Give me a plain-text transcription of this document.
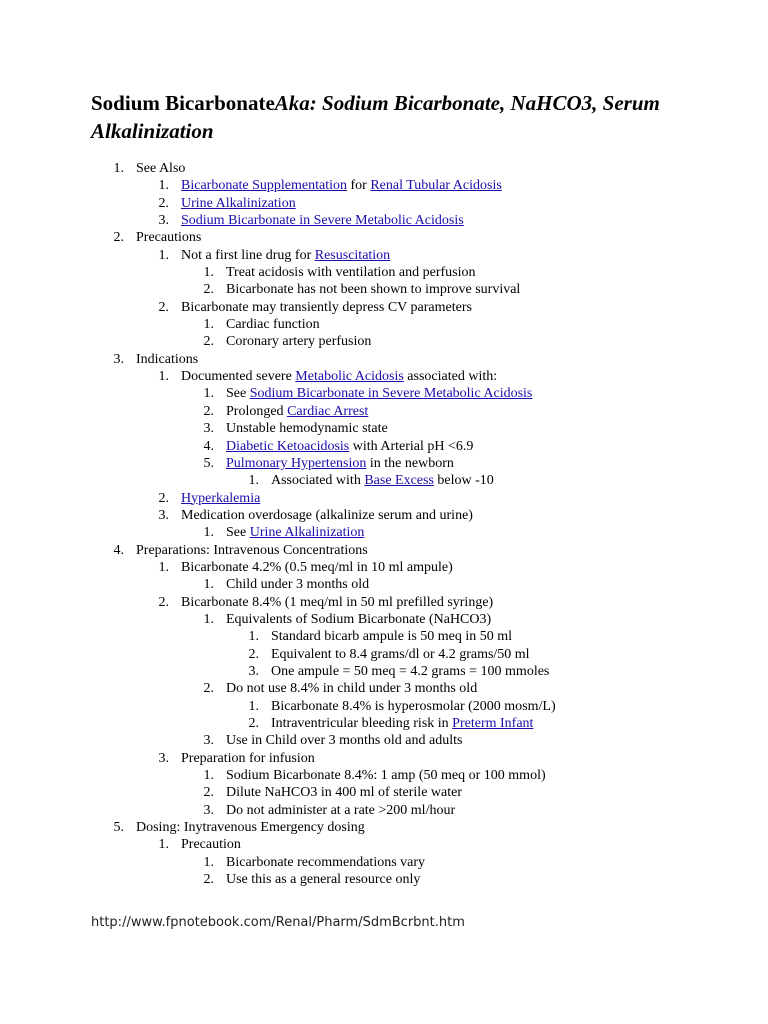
Sodium BicarbonateAka: Sodium Bicarbonate, NaHCO3, Serum Alkalinization
1. See Also
1. Bicarbonate Supplementation for Renal Tubular Acidosis
2. Urine Alkalinization
3. Sodium Bicarbonate in Severe Metabolic Acidosis
2. Precautions
1. Not a first line drug for Resuscitation
1. Treat acidosis with ventilation and perfusion
2. Bicarbonate has not been shown to improve survival
2. Bicarbonate may transiently depress CV parameters
1. Cardiac function
2. Coronary artery perfusion
3. Indications
1. Documented severe Metabolic Acidosis associated with:
1. See Sodium Bicarbonate in Severe Metabolic Acidosis
2. Prolonged Cardiac Arrest
3. Unstable hemodynamic state
4. Diabetic Ketoacidosis with Arterial pH <6.9
5. Pulmonary Hypertension in the newborn
1. Associated with Base Excess below -10
2. Hyperkalemia
3. Medication overdosage (alkalinize serum and urine)
1. See Urine Alkalinization
4. Preparations: Intravenous Concentrations
1. Bicarbonate 4.2% (0.5 meq/ml in 10 ml ampule)
1. Child under 3 months old
2. Bicarbonate 8.4% (1 meq/ml in 50 ml prefilled syringe)
1. Equivalents of Sodium Bicarbonate (NaHCO3)
1. Standard bicarb ampule is 50 meq in 50 ml
2. Equivalent to 8.4 grams/dl or 4.2 grams/50 ml
3. One ampule = 50 meq = 4.2 grams = 100 mmoles
2. Do not use 8.4% in child under 3 months old
1. Bicarbonate 8.4% is hyperosmolar (2000 mosm/L)
2. Intraventricular bleeding risk in Preterm Infant
3. Use in Child over 3 months old and adults
3. Preparation for infusion
1. Sodium Bicarbonate 8.4%: 1 amp (50 meq or 100 mmol)
2. Dilute NaHCO3 in 400 ml of sterile water
3. Do not administer at a rate >200 ml/hour
5. Dosing: Inytravenous Emergency dosing
1. Precaution
1. Bicarbonate recommendations vary
2. Use this as a general resource only
http://www.fpnotebook.com/Renal/Pharm/SdmBcrbnt.htm
